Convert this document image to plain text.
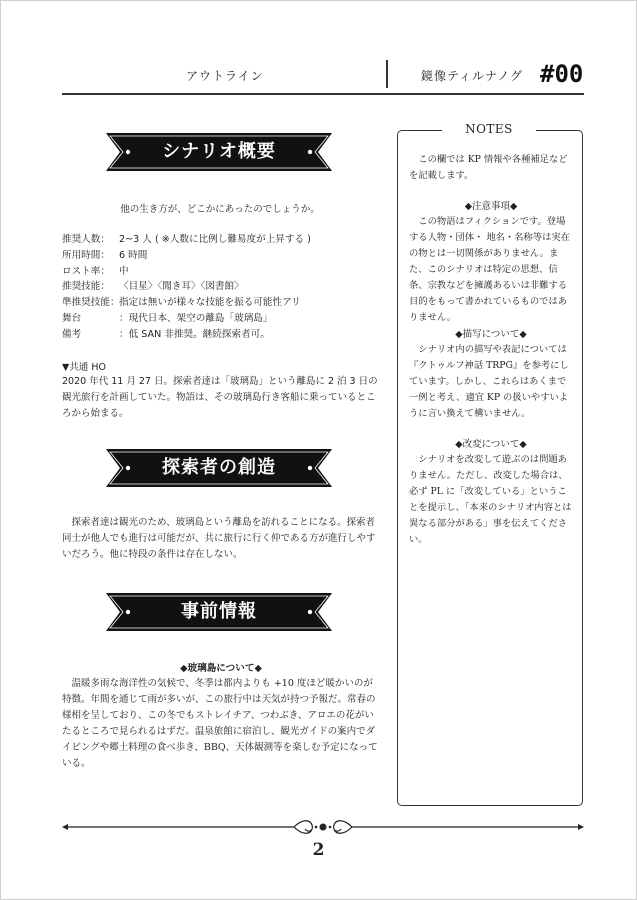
アウトライン	鏡像ティルナノグ #00
シナリオ概要
他の生き方が、どこかにあったのでしょうか。
推奨人数： 2~3 人 ( ※人数に比例し難易度が上昇する )
所用時間： 6 時間
ロスト率： 中
推奨技能： 〈目星〉〈聞き耳〉〈図書館〉
準推奨技能： 指定は無いが様々な技能を振る可能性アリ
舞台	：現代日本、架空の離島「玻璃島」
備考	：低 SAN 非推奨。継続探索者可。
▼共通 HO
2020 年代 11 月 27 日。探索者達は「玻璃島」という離島に 2 泊 3 日の観光旅行を計画していた。物語は、その玻璃島行き客船に乗っているところから始まる。
探索者の創造
探索者達は観光のため、玻璃島という離島を訪れることになる。探索者同士が他人でも進行は可能だが、共に旅行に行く仲である方が進行しやすいだろう。他に特段の条件は存在しない。
事前情報
◆玻璃島について◆
温暖多雨な海洋性の気候で、冬季は都内よりも +10 度ほど暖かいのが特徴。年間を通じて雨が多いが、この旅行中は天気が持つ予報だ。常春の様相を呈しており、この冬でもストレイチア、つわぶき、アロエの花がいたるところで見られるはずだ。温泉旅館に宿泊し、観光ガイドの案内でダイビングや郷土料理の食べ歩き、BBQ、天体観測等を楽しむ予定になっている。
NOTES
この欄では KP 情報や各種補足などを記載します。
◆注意事項◆
この物語はフィクションです。登場する人物・団体・ 地名・名称等は実在の物とは一切関係がありません。また、このシナリオは特定の思想、信条、宗教などを擁護あるいは非難する目的をもって書かれているものではありません。
◆描写について◆
シナリオ内の描写や表記については『クトゥルフ神話 TRPG』を参考にしています。しかし、これらはあくまで一例と考え、適宜 KP の扱いやすいように言い換えて構いません。
◆改変について◆
シナリオを改変して遊ぶのは問題ありません。ただし、改変した場合は、必ず PL に「改変している」ということを提示し、「本来のシナリオ内容とは異なる部分がある」事を伝えてください。
2
